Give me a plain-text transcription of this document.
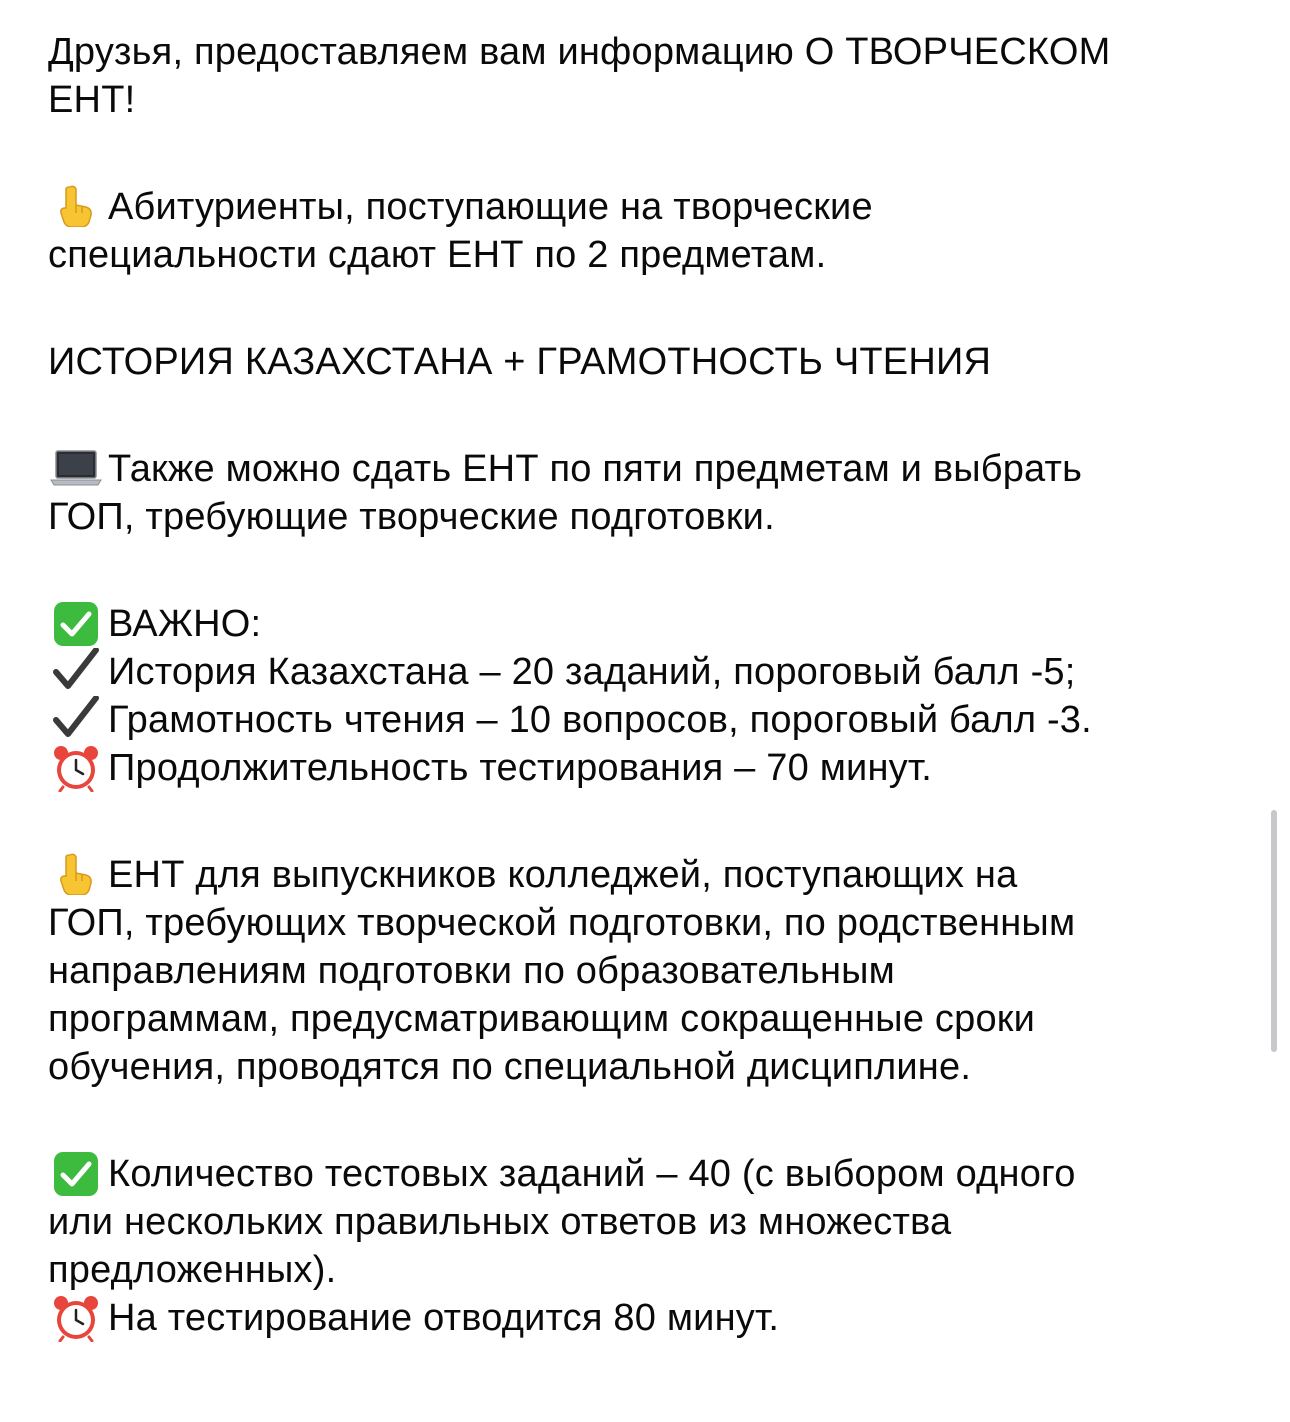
Друзья, предоставляем вам информацию О ТВОРЧЕСКОМ
ЕНТ!

Абитуриенты, поступающие на творческие
специальности сдают ЕНТ по 2 предметам.

ИСТОРИЯ КАЗАХСТАНА + ГРАМОТНОСТЬ ЧТЕНИЯ

Также можно сдать ЕНТ по пяти предметам и выбрать
ГОП, требующие творческие подготовки.

ВАЖНО:
История Казахстана – 20 заданий, пороговый балл -5;
Грамотность чтения – 10 вопросов, пороговый балл -3.
Продолжительность тестирования – 70 минут.

ЕНТ для выпускников колледжей, поступающих на
ГОП, требующих творческой подготовки, по родственным
направлениям подготовки по образовательным
программам, предусматривающим сокращенные сроки
обучения, проводятся по специальной дисциплине.

Количество тестовых заданий – 40 (с выбором одного
или нескольких правильных ответов из множества
предложенных).
На тестирование отводится 80 минут.
